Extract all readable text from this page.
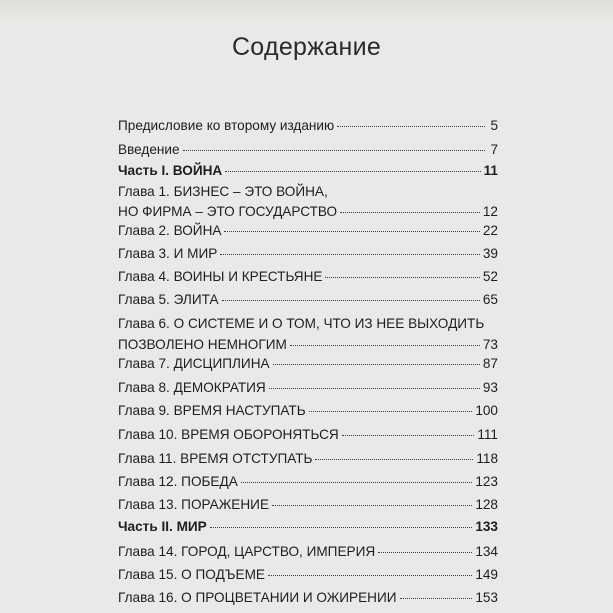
Содержание
Предисловие ко второму изданию	5
Введение	7
Часть I. ВОЙНА	11
Глава 1. БИЗНЕС – ЭТО ВОЙНА,
НО ФИРМА – ЭТО ГОСУДАРСТВО	12
Глава 2. ВОЙНА	22
Глава 3. И МИР	39
Глава 4. ВОИНЫ И КРЕСТЬЯНЕ	52
Глава 5. ЭЛИТА	65
Глава 6. О СИСТЕМЕ И О ТОМ, ЧТО ИЗ НЕЕ ВЫХОДИТЬ
ПОЗВОЛЕНО НЕМНОГИМ	73
Глава 7. ДИСЦИПЛИНА	87
Глава 8. ДЕМОКРАТИЯ	93
Глава 9. ВРЕМЯ НАСТУПАТЬ	100
Глава 10. ВРЕМЯ ОБОРОНЯТЬСЯ	111
Глава 11. ВРЕМЯ ОТСТУПАТЬ	118
Глава 12. ПОБЕДА	123
Глава 13. ПОРАЖЕНИЕ	128
Часть II. МИР	133
Глава 14. ГОРОД, ЦАРСТВО, ИМПЕРИЯ	134
Глава 15. О ПОДЪЕМЕ	149
Глава 16. О ПРОЦВЕТАНИИ И ОЖИРЕНИИ	153
